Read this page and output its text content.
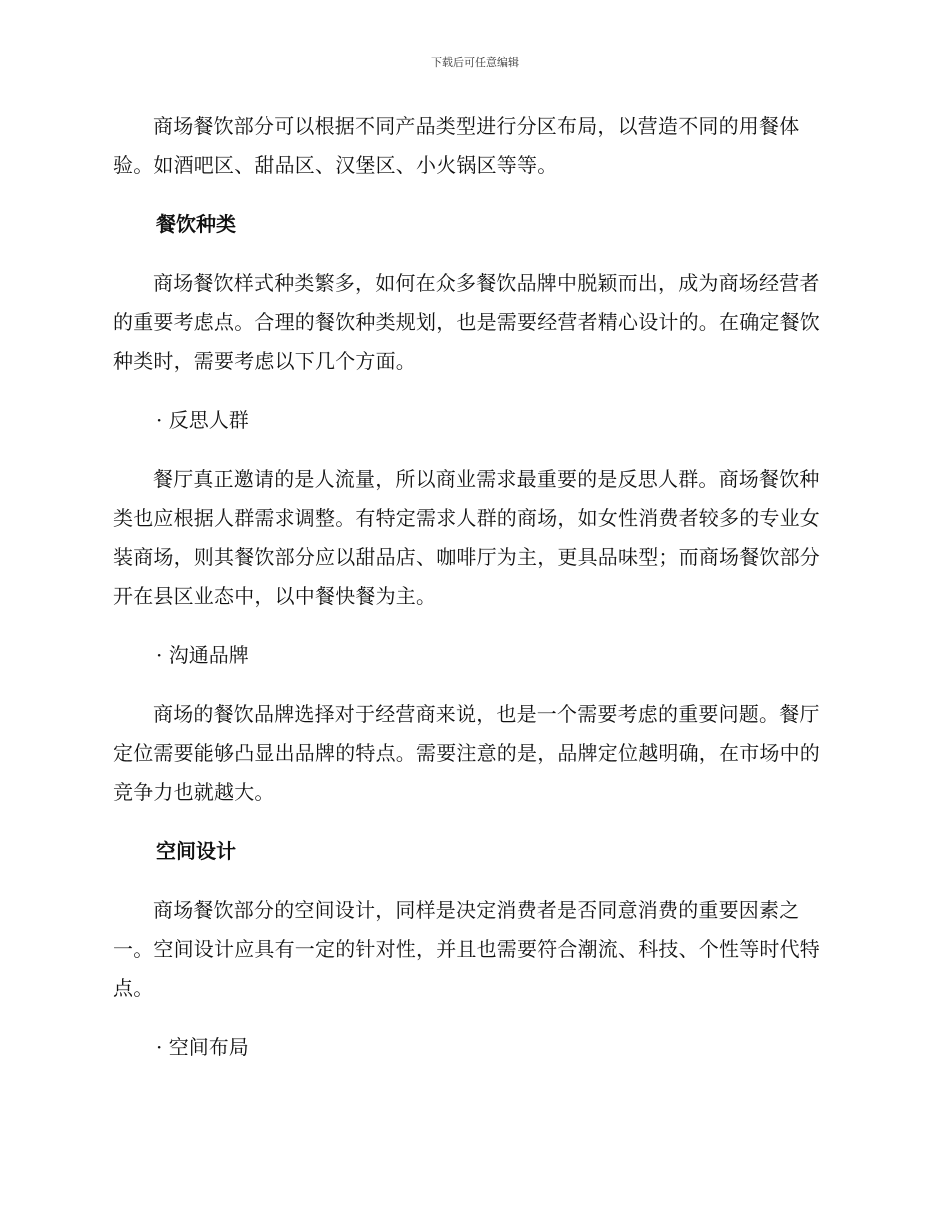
下载后可任意编辑

商场餐饮部分可以根据不同产品类型进行分区布局，以营造不同的用餐体验。如酒吧区、甜品区、汉堡区、小火锅区等等。

餐饮种类

商场餐饮样式种类繁多，如何在众多餐饮品牌中脱颖而出，成为商场经营者的重要考虑点。合理的餐饮种类规划，也是需要经营者精心设计的。在确定餐饮种类时，需要考虑以下几个方面。

· 反思人群

餐厅真正邀请的是人流量，所以商业需求最重要的是反思人群。商场餐饮种类也应根据人群需求调整。有特定需求人群的商场，如女性消费者较多的专业女装商场，则其餐饮部分应以甜品店、咖啡厅为主，更具品味型；而商场餐饮部分开在县区业态中，以中餐快餐为主。

· 沟通品牌

商场的餐饮品牌选择对于经营商来说，也是一个需要考虑的重要问题。餐厅定位需要能够凸显出品牌的特点。需要注意的是，品牌定位越明确，在市场中的竞争力也就越大。

空间设计

商场餐饮部分的空间设计，同样是决定消费者是否同意消费的重要因素之一。空间设计应具有一定的针对性，并且也需要符合潮流、科技、个性等时代特点。

· 空间布局
